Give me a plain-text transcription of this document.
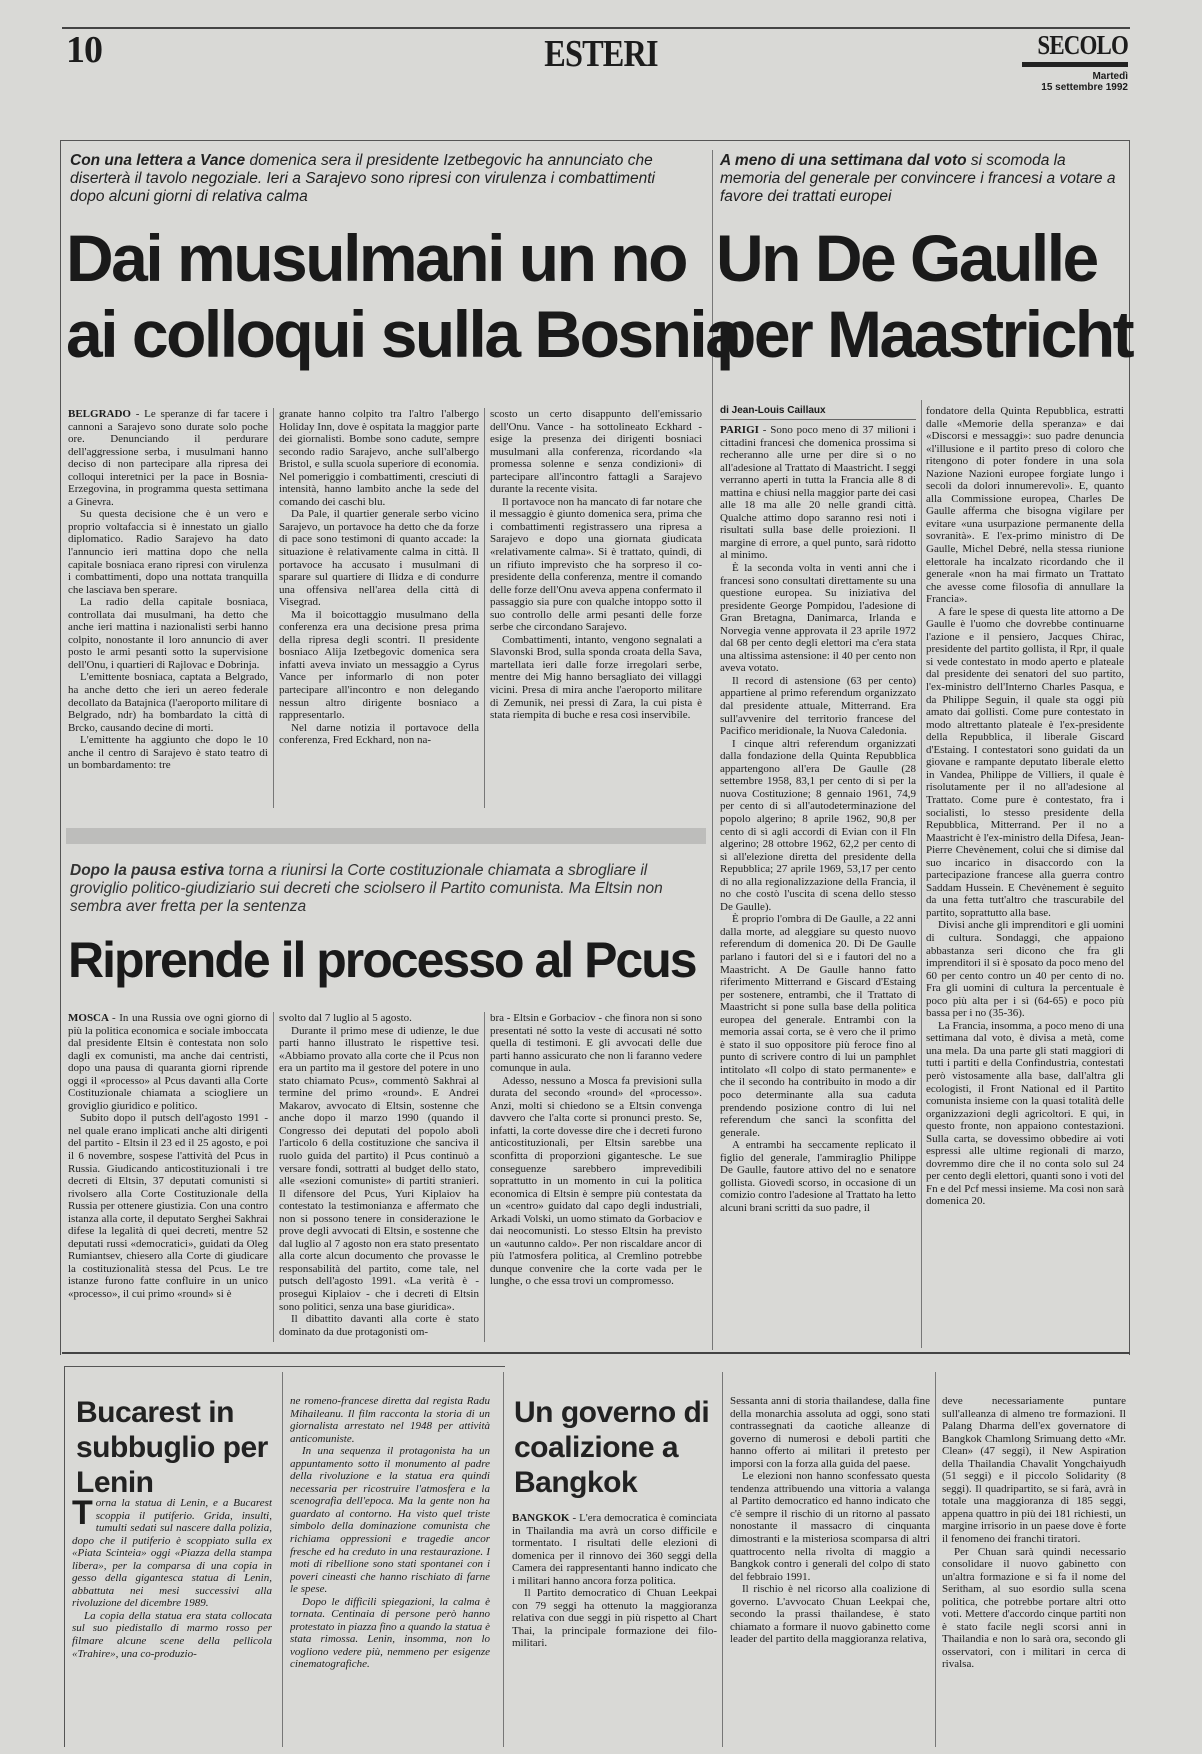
10	ESTERI	SECOLO
Martedì
15 settembre 1992
Con una lettera a Vance domenica sera il presidente Izetbegovic ha annunciato che diserterà il tavolo negoziale. Ieri a Sarajevo sono ripresi con virulenza i combattimenti dopo alcuni giorni di relativa calma
Dai musulmani un no
ai colloqui sulla Bosnia

BELGRADO - Le speranze di far tacere i cannoni a Sarajevo sono durate solo poche ore. Denunciando il perdurare dell'aggressione serba, i musulmani hanno deciso di non partecipare alla ripresa dei colloqui interetnici per la pace in Bosnia-Erzegovina, in programma questa settimana a Ginevra.

Su questa decisione che è un vero e proprio voltafaccia si è innestato un giallo diplomatico. Radio Sarajevo ha dato l'annuncio ieri mattina dopo che nella capitale bosniaca erano ripresi con virulenza i combattimenti, dopo una nottata tranquilla che lasciava ben sperare.

La radio della capitale bosniaca, controllata dai musulmani, ha detto che anche ieri mattina i nazionalisti serbi hanno colpito, nonostante il loro annuncio di aver posto le armi pesanti sotto la supervisione dell'Onu, i quartieri di Rajlovac e Dobrinja.

L'emittente bosniaca, captata a Belgrado, ha anche detto che ieri un aereo federale decollato da Batajnica (l'aeroporto militare di Belgrado, ndr) ha bombardato la città di Brcko, causando decine di morti.

L'emittente ha aggiunto che dopo le 10 anche il centro di Sarajevo è stato teatro di un bombardamento: tre

granate hanno colpito tra l'altro l'albergo Holiday Inn, dove è ospitata la maggior parte dei giornalisti. Bombe sono cadute, sempre secondo radio Sarajevo, anche sull'albergo Bristol, e sulla scuola superiore di economia. Nel pomeriggio i combattimenti, cresciuti di intensità, hanno lambito anche la sede del comando dei caschi blu.

Da Pale, il quartier generale serbo vicino Sarajevo, un portavoce ha detto che da forze di pace sono testimoni di quanto accade: la situazione è relativamente calma in città. Il portavoce ha accusato i musulmani di sparare sul quartiere di Ilidza e di condurre una offensiva nell'area della città di Visegrad.

Ma il boicottaggio musulmano della conferenza era una decisione presa prima della ripresa degli scontri. Il presidente bosniaco Alija Izetbegovic domenica sera infatti aveva inviato un messaggio a Cyrus Vance per informarlo di non poter partecipare all'incontro e non delegando nessun altro dirigente bosniaco a rappresentarlo.

Nel darne notizia il portavoce della conferenza, Fred Eckhard, non na-

scosto un certo disappunto dell'emissario dell'Onu. Vance - ha sottolineato Eckhard - esige la presenza dei dirigenti bosniaci musulmani alla conferenza, ricordando «la promessa solenne e senza condizioni» di partecipare all'incontro fattagli a Sarajevo durante la recente visita.

Il portavoce non ha mancato di far notare che il messaggio è giunto domenica sera, prima che i combattimenti registrassero una ripresa a Sarajevo e dopo una giornata giudicata «relativamente calma». Si è trattato, quindi, di un rifiuto imprevisto che ha sorpreso il co-presidente della conferenza, mentre il comando delle forze dell'Onu aveva appena confermato il passaggio sia pure con qualche intoppo sotto il suo controllo delle armi pesanti delle forze serbe che circondano Sarajevo.

Combattimenti, intanto, vengono segnalati a Slavonski Brod, sulla sponda croata della Sava, martellata ieri dalle forze irregolari serbe, mentre dei Mig hanno bersagliato dei villaggi vicini. Presa di mira anche l'aeroporto militare di Zemunik, nei pressi di Zara, la cui pista è stata riempita di buche e resa così inservibile.

A meno di una settimana dal voto si scomoda la memoria del generale per convincere i francesi a votare a favore dei trattati europei
Un De Gaulle
per Maastricht
di Jean-Louis Caillaux

PARIGI - Sono poco meno di 37 milioni i cittadini francesi che domenica prossima si recheranno alle urne per dire sì o no all'adesione al Trattato di Maastricht. I seggi verranno aperti in tutta la Francia alle 8 di mattina e chiusi nella maggior parte dei casi alle 18 ma alle 20 nelle grandi città. Qualche attimo dopo saranno resi noti i risultati sulla base delle proiezioni. Il margine di errore, a quel punto, sarà ridotto al minimo.

È la seconda volta in venti anni che i francesi sono consultati direttamente su una questione europea. Su iniziativa del presidente George Pompidou, l'adesione di Gran Bretagna, Danimarca, Irlanda e Norvegia venne approvata il 23 aprile 1972 dal 68 per cento degli elettori ma c'era stata una altissima astensione: il 40 per cento non aveva votato.

Il record di astensione (63 per cento) appartiene al primo referendum organizzato dal presidente attuale, Mitterrand. Era sull'avvenire del territorio francese del Pacifico meridionale, la Nuova Caledonia.

I cinque altri referendum organizzati dalla fondazione della Quinta Repubblica appartengono all'era De Gaulle (28 settembre 1958, 83,1 per cento di sì per la nuova Costituzione; 8 gennaio 1961, 74,9 per cento di sì all'autodeterminazione del popolo algerino; 8 aprile 1962, 90,8 per cento di sì agli accordi di Evian con il Fln algerino; 28 ottobre 1962, 62,2 per cento di sì all'elezione diretta del presidente della Repubblica; 27 aprile 1969, 53,17 per cento di no alla regionalizzazione della Francia, il no che costò l'uscita di scena dello stesso De Gaulle).

È proprio l'ombra di De Gaulle, a 22 anni dalla morte, ad aleggiare su questo nuovo referendum di domenica 20. Di De Gaulle parlano i fautori del sì e i fautori del no a Maastricht. A De Gaulle hanno fatto riferimento Mitterrand e Giscard d'Estaing per sostenere, entrambi, che il Trattato di Maastricht si pone sulla base della politica europea del generale. Entrambi con la memoria assai corta, se è vero che il primo è stato il suo oppositore più feroce fino al punto di scrivere contro di lui un pamphlet intitolato «Il colpo di stato permanente» e che il secondo ha contribuito in modo a dir poco determinante alla sua caduta prendendo posizione contro di lui nel referendum che sancì la sconfitta del generale.

A entrambi ha seccamente replicato il figlio del generale, l'ammiraglio Philippe De Gaulle, fautore attivo del no e senatore gollista. Giovedì scorso, in occasione di un comizio contro l'adesione al Trattato ha letto alcuni brani scritti da suo padre, il

fondatore della Quinta Repubblica, estratti dalle «Memorie della speranza» e dai «Discorsi e messaggi»: suo padre denuncia «l'illusione e il partito preso di coloro che ritengono di poter fondere in una sola Nazione Nazioni europee forgiate lungo i secoli da dolori innumerevoli». E, quanto alla Commissione europea, Charles De Gaulle afferma che bisogna vigilare per evitare «una usurpazione permanente della sovranità». E l'ex-primo ministro di De Gaulle, Michel Debré, nella stessa riunione elettorale ha incalzato ricordando che il generale «non ha mai firmato un Trattato che avesse come filosofia di annullare la Francia».

A fare le spese di questa lite attorno a De Gaulle è l'uomo che dovrebbe continuarne l'azione e il pensiero, Jacques Chirac, presidente del partito gollista, il Rpr, il quale si vede contestato in modo aperto e plateale dal presidente dei senatori del suo partito, l'ex-ministro dell'Interno Charles Pasqua, e da Philippe Seguin, il quale sta oggi più amato dai gollisti. Come pure contestato in modo altrettanto plateale è l'ex-presidente della Repubblica, il liberale Giscard d'Estaing. I contestatori sono guidati da un giovane e rampante deputato liberale eletto in Vandea, Philippe de Villiers, il quale è risolutamente per il no all'adesione al Trattato. Come pure è contestato, fra i socialisti, lo stesso presidente della Repubblica, Mitterrand. Per il no a Maastricht è l'ex-ministro della Difesa, Jean-Pierre Chevènement, colui che si dimise dal suo incarico in disaccordo con la partecipazione francese alla guerra contro Saddam Hussein. E Chevènement è seguito da una fetta tutt'altro che trascurabile del partito, soprattutto alla base.

Divisi anche gli imprenditori e gli uomini di cultura. Sondaggi, che appaiono abbastanza seri dicono che fra gli imprenditori il sì è sposato da poco meno del 60 per cento contro un 40 per cento di no. Fra gli uomini di cultura la percentuale è poco più alta per i sì (64-65) e poco più bassa per i no (35-36).

La Francia, insomma, a poco meno di una settimana dal voto, è divisa a metà, come una mela. Da una parte gli stati maggiori di tutti i partiti e della Confindustria, contestati però vistosamente alla base, dall'altra gli ecologisti, il Front National ed il Partito comunista insieme con la quasi totalità delle organizzazioni degli agricoltori. E qui, in questo fronte, non appaiono contestazioni. Sulla carta, se dovessimo obbedire ai voti espressi alle ultime regionali di marzo, dovremmo dire che il no conta solo sul 24 per cento degli elettori, quanti sono i voti del Fn e del Pcf messi insieme. Ma così non sarà domenica 20.

Dopo la pausa estiva torna a riunirsi la Corte costituzionale chiamata a sbrogliare il groviglio politico-giudiziario sui decreti che sciolsero il Partito comunista. Ma Eltsin non sembra aver fretta per la sentenza
Riprende il processo al Pcus

MOSCA - In una Russia ove ogni giorno di più la politica economica e sociale imboccata dal presidente Eltsin è contestata non solo dagli ex comunisti, ma anche dai centristi, dopo una pausa di quaranta giorni riprende oggi il «processo» al Pcus davanti alla Corte Costituzionale chiamata a sciogliere un groviglio giuridico e politico.

Subito dopo il putsch dell'agosto 1991 - nel quale erano implicati anche alti dirigenti del partito - Eltsin il 23 ed il 25 agosto, e poi il 6 novembre, sospese l'attività del Pcus in Russia. Giudicando anticostituzionali i tre decreti di Eltsin, 37 deputati comunisti si rivolsero alla Corte Costituzionale della Russia per ottenere giustizia. Con una contro istanza alla corte, il deputato Serghei Sakhrai difese la legalità di quei decreti, mentre 52 deputati russi «democratici», guidati da Oleg Rumiantsev, chiesero alla Corte di giudicare la costituzionalità stessa del Pcus. Le tre istanze furono fatte confluire in un unico «processo», il cui primo «round» si è

svolto dal 7 luglio al 5 agosto.

Durante il primo mese di udienze, le due parti hanno illustrato le rispettive tesi. «Abbiamo provato alla corte che il Pcus non era un partito ma il gestore del potere in uno stato chiamato Pcus», commentò Sakhrai al termine del primo «round». E Andrei Makarov, avvocato di Eltsin, sostenne che anche dopo il marzo 1990 (quando il Congresso dei deputati del popolo abolì l'articolo 6 della costituzione che sanciva il ruolo guida del partito) il Pcus continuò a versare fondi, sottratti al budget dello stato, alle «sezioni comuniste» di partiti stranieri. Il difensore del Pcus, Yuri Kiplaiov ha contestato la testimonianza e affermato che non si possono tenere in considerazione le prove degli avvocati di Eltsin, e sostenne che dal luglio al 7 agosto non era stato presentato alla corte alcun documento che provasse le responsabilità del partito, come tale, nel putsch dell'agosto 1991. «La verità è - proseguì Kiplaiov - che i decreti di Eltsin sono politici, senza una base giuridica».

Il dibattito davanti alla corte è stato dominato da due protagonisti om-

bra - Eltsin e Gorbaciov - che finora non si sono presentati né sotto la veste di accusati né sotto quella di testimoni. E gli avvocati delle due parti hanno assicurato che non li faranno vedere comunque in aula.

Adesso, nessuno a Mosca fa previsioni sulla durata del secondo «round» del «processo». Anzi, molti si chiedono se a Eltsin convenga davvero che l'alta corte si pronunci presto. Se, infatti, la corte dovesse dire che i decreti furono anticostituzionali, per Eltsin sarebbe una sconfitta di proporzioni gigantesche. Le sue conseguenze sarebbero imprevedibili soprattutto in un momento in cui la politica economica di Eltsin è sempre più contestata da un «centro» guidato dal capo degli industriali, Arkadi Volski, un uomo stimato da Gorbaciov e dai neocomunisti. Lo stesso Eltsin ha previsto un «autunno caldo». Per non riscaldare ancor di più l'atmosfera politica, al Cremlino potrebbe dunque convenire che la corte vada per le lunghe, o che essa trovi un compromesso.

Bucarest in subbuglio per Lenin

Torna la statua di Lenin, e a Bucarest scoppia il putiferio. Grida, insulti, tumulti sedati sul nascere dalla polizia, dopo che il putiferio è scoppiato sulla ex «Piata Scinteia» oggi «Piazza della stampa libera», per la comparsa di una copia in gesso della gigantesca statua di Lenin, abbattuta nei mesi successivi alla rivoluzione del dicembre 1989.

La copia della statua era stata collocata sul suo piedistallo di marmo rosso per filmare alcune scene della pellicola «Trahire», una co-produzio-

ne romeno-francese diretta dal regista Radu Mihaileanu. Il film racconta la storia di un giornalista arrestato nel 1948 per attività anticomuniste.

In una sequenza il protagonista ha un appuntamento sotto il monumento al padre della rivoluzione e la statua era quindi necessaria per ricostruire l'atmosfera e la scenografia dell'epoca. Ma la gente non ha guardato al contorno. Ha visto quel triste simbolo della dominazione comunista che richiama oppressioni e tragedie ancor fresche ed ha creduto in una restaurazione. I moti di ribellione sono stati spontanei con i poveri cineasti che hanno rischiato di farne le spese.

Dopo le difficili spiegazioni, la calma è tornata. Centinaia di persone però hanno protestato in piazza fino a quando la statua è stata rimossa. Lenin, insomma, non lo vogliono vedere più, nemmeno per esigenze cinematografiche.

Un governo di coalizione a Bangkok

BANGKOK - L'era democratica è cominciata in Thailandia ma avrà un corso difficile e tormentato. I risultati delle elezioni di domenica per il rinnovo dei 360 seggi della Camera dei rappresentanti hanno indicato che i militari hanno ancora forza politica.

Il Partito democratico di Chuan Leekpai con 79 seggi ha ottenuto la maggioranza relativa con due seggi in più rispetto al Chart Thai, la principale formazione dei filo-militari.

Sessanta anni di storia thailandese, dalla fine della monarchia assoluta ad oggi, sono stati contrassegnati da caotiche alleanze di governo di numerosi e deboli partiti che hanno offerto ai militari il pretesto per imporsi con la forza alla guida del paese.

Le elezioni non hanno sconfessato questa tendenza attribuendo una vittoria a valanga al Partito democratico ed hanno indicato che c'è sempre il rischio di un ritorno al passato nonostante il massacro di cinquanta dimostranti e la misteriosa scomparsa di altri quattrocento nella rivolta di maggio a Bangkok contro i generali del colpo di stato del febbraio 1991.

Il rischio è nel ricorso alla coalizione di governo. L'avvocato Chuan Leekpai che, secondo la prassi thailandese, è stato chiamato a formare il nuovo gabinetto come leader del partito della maggioranza relativa,

deve necessariamente puntare sull'alleanza di almeno tre formazioni. Il Palang Dharma dell'ex governatore di Bangkok Chamlong Srimuang detto «Mr. Clean» (47 seggi), il New Aspiration della Thailandia Chavalit Yongchaiyudh (51 seggi) e il piccolo Solidarity (8 seggi). Il quadripartito, se si farà, avrà in totale una maggioranza di 185 seggi, appena quattro in più dei 181 richiesti, un margine irrisorio in un paese dove è forte il fenomeno dei franchi tiratori.

Per Chuan sarà quindi necessario consolidare il nuovo gabinetto con un'altra formazione e si fa il nome del Seritham, al suo esordio sulla scena politica, che potrebbe portare altri otto voti. Mettere d'accordo cinque partiti non è stato facile negli scorsi anni in Thailandia e non lo sarà ora, secondo gli osservatori, con i militari in cerca di rivalsa.
